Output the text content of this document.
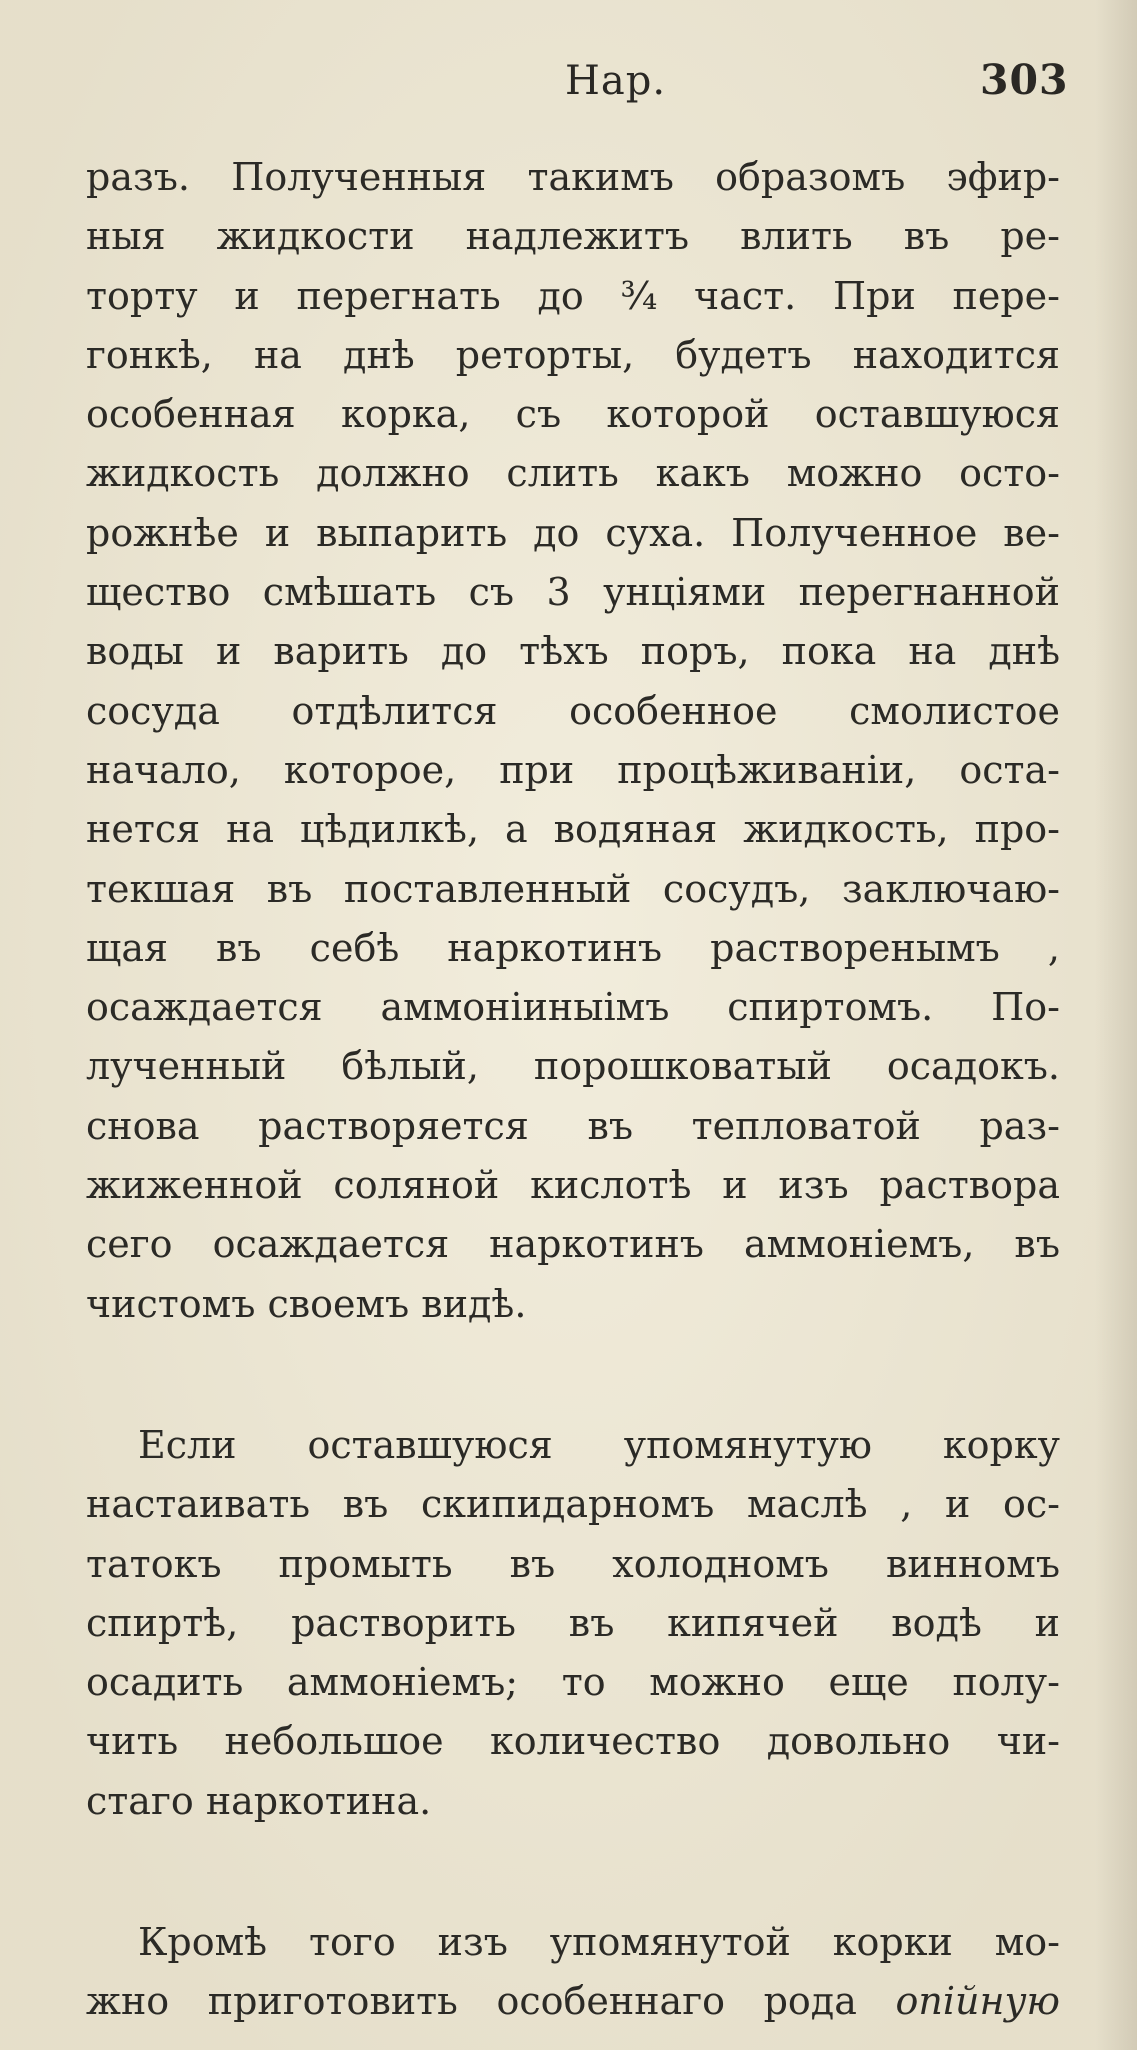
Нар.	303
разъ. Полученныя такимъ образомъ эфир-
ныя жидкости надлежитъ влить въ ре-
торту и перегнать до ¾ част. При пере-
гонкѣ, на днѣ реторты, будетъ находится
особенная корка, съ которой оставшуюся
жидкость должно слить какъ можно осто-
рожнѣе и выпарить до суха. Полученное ве-
щество смѣшать съ 3 унціями перегнанной
воды и варить до тѣхъ поръ, пока на днѣ
сосуда отдѣлится особенное смолистое
начало, которое, при процѣживаніи, оста-
нется на цѣдилкѣ, а водяная жидкость, про-
текшая въ поставленный сосудъ, заключаю-
щая въ себѣ наркотинъ растворенымъ ,
осаждается аммоніиныімъ спиртомъ. По-
лученный бѣлый, порошковатый осадокъ.
снова растворяется въ тепловатой раз-
жиженной соляной кислотѣ и изъ раствора
сего осаждается наркотинъ аммоніемъ, въ
чистомъ своемъ видѣ.
Если оставшуюся упомянутую корку
настаивать въ скипидарномъ маслѣ , и ос-
татокъ промыть въ холодномъ винномъ
спиртѣ, растворить въ кипячей водѣ и
осадить аммоніемъ; то можно еще полу-
чить небольшое количество довольно чи-
стаго наркотина.
Кромѣ того изъ упомянутой корки мо-
жно приготовить особеннаго рода опійную
